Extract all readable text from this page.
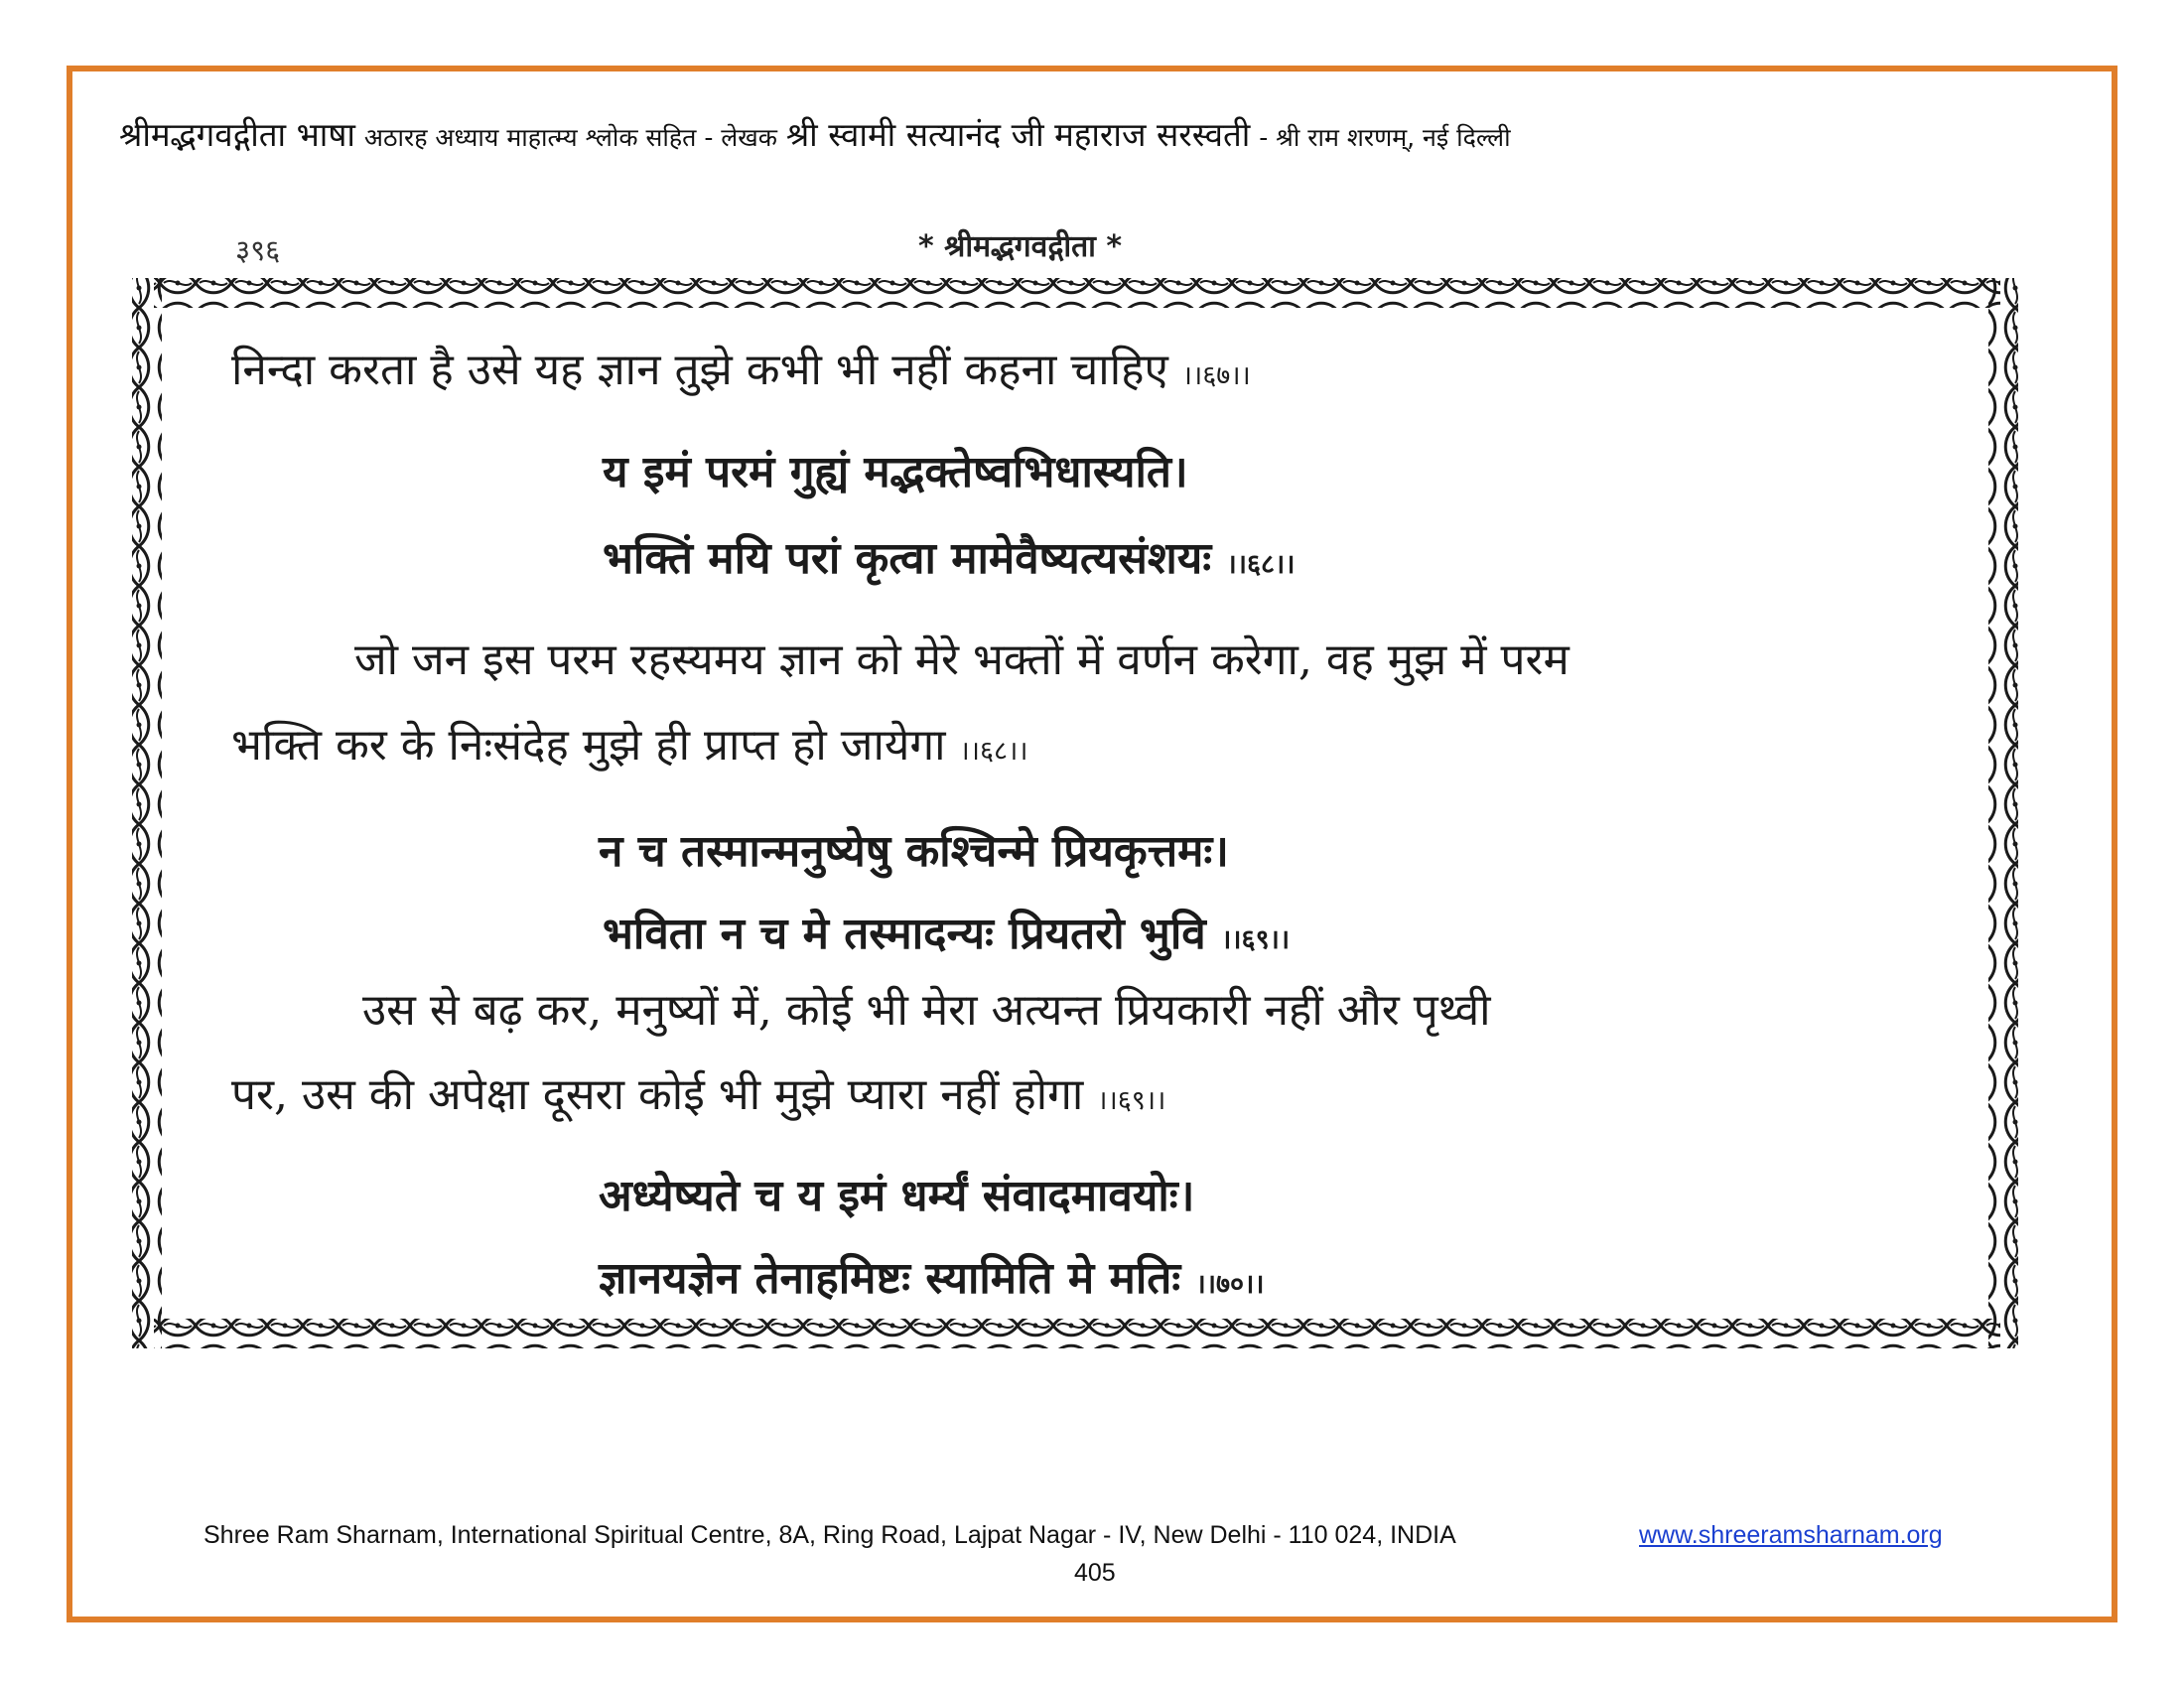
श्रीमद्भगवद्गीता भाषा अठारह अध्याय माहात्म्य श्लोक सहित - लेखक श्री स्वामी सत्यानंद जी महाराज सरस्वती - श्री राम शरणम्, नई दिल्ली
३९६	* श्रीमद्भगवद्गीता *
निन्दा करता है उसे यह ज्ञान तुझे कभी भी नहीं कहना चाहिए ।।६७।।
य इमं परमं गुह्यं मद्भक्तेष्वभिधास्यति।
भक्तिं मयि परां कृत्वा मामेवैष्यत्यसंशयः ।।६८।।
जो जन इस परम रहस्यमय ज्ञान को मेरे भक्तों में वर्णन करेगा, वह मुझ में परम
भक्ति कर के निःसंदेह मुझे ही प्राप्त हो जायेगा ।।६८।।
न च तस्मान्मनुष्येषु कश्चिन्मे प्रियकृत्तमः।
भविता न च मे तस्मादन्यः प्रियतरो भुवि ।।६९।।
उस से बढ़ कर, मनुष्यों में, कोई भी मेरा अत्यन्त प्रियकारी नहीं और पृथ्वी
पर, उस की अपेक्षा दूसरा कोई भी मुझे प्यारा नहीं होगा ।।६९।।
अध्येष्यते च य इमं धर्म्यं संवादमावयोः।
ज्ञानयज्ञेन तेनाहमिष्टः स्यामिति मे मतिः ।।७०।।
Shree Ram Sharnam, International Spiritual Centre, 8A, Ring Road, Lajpat Nagar - IV, New Delhi - 110 024, INDIA	www.shreeramsharnam.org
405
